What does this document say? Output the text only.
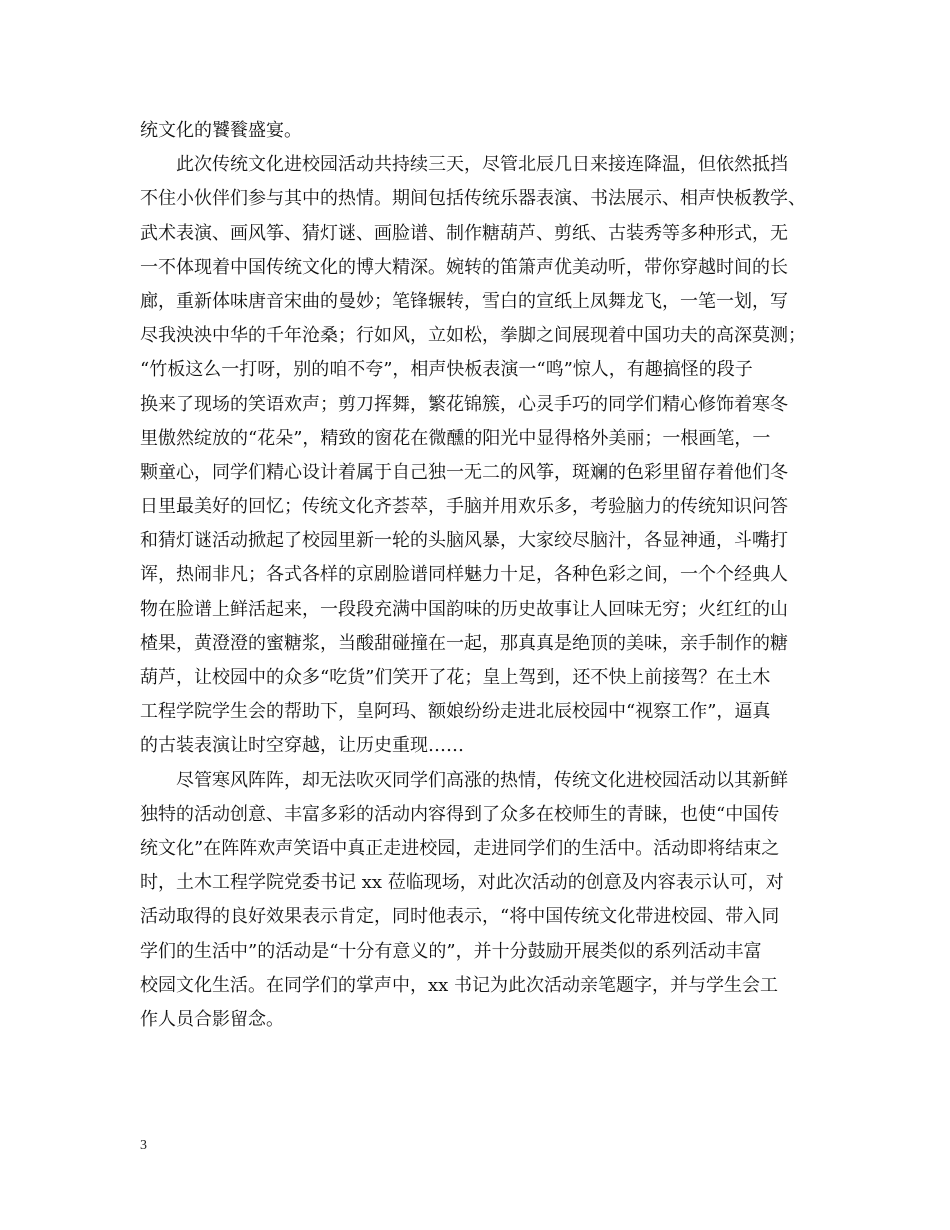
统文化的饕餮盛宴。
此次传统文化进校园活动共持续三天，尽管北辰几日来接连降温，但依然抵挡
不住小伙伴们参与其中的热情。期间包括传统乐器表演、书法展示、相声快板教学、
武术表演、画风筝、猜灯谜、画脸谱、制作糖葫芦、剪纸、古装秀等多种形式，无
一不体现着中国传统文化的博大精深。婉转的笛箫声优美动听，带你穿越时间的长
廊，重新体味唐音宋曲的曼妙；笔锋辗转，雪白的宣纸上凤舞龙飞，一笔一划，写
尽我泱泱中华的千年沧桑；行如风，立如松，拳脚之间展现着中国功夫的高深莫测；
“竹板这么一打呀，别的咱不夸”，相声快板表演一“鸣”惊人，有趣搞怪的段子
换来了现场的笑语欢声；剪刀挥舞，繁花锦簇，心灵手巧的同学们精心修饰着寒冬
里傲然绽放的“花朵”，精致的窗花在微醺的阳光中显得格外美丽；一根画笔，一
颗童心，同学们精心设计着属于自己独一无二的风筝，斑斓的色彩里留存着他们冬
日里最美好的回忆；传统文化齐荟萃，手脑并用欢乐多，考验脑力的传统知识问答
和猜灯谜活动掀起了校园里新一轮的头脑风暴，大家绞尽脑汁，各显神通，斗嘴打
诨，热闹非凡；各式各样的京剧脸谱同样魅力十足，各种色彩之间，一个个经典人
物在脸谱上鲜活起来，一段段充满中国韵味的历史故事让人回味无穷；火红红的山
楂果，黄澄澄的蜜糖浆，当酸甜碰撞在一起，那真真是绝顶的美味，亲手制作的糖
葫芦，让校园中的众多“吃货”们笑开了花；皇上驾到，还不快上前接驾？在土木
工程学院学生会的帮助下，皇阿玛、额娘纷纷走进北辰校园中“视察工作”，逼真
的古装表演让时空穿越，让历史重现……
尽管寒风阵阵，却无法吹灭同学们高涨的热情，传统文化进校园活动以其新鲜
独特的活动创意、丰富多彩的活动内容得到了众多在校师生的青睐，也使“中国传
统文化”在阵阵欢声笑语中真正走进校园，走进同学们的生活中。活动即将结束之
时，土木工程学院党委书记 xx 莅临现场，对此次活动的创意及内容表示认可，对
活动取得的良好效果表示肯定，同时他表示，“将中国传统文化带进校园、带入同
学们的生活中”的活动是“十分有意义的”，并十分鼓励开展类似的系列活动丰富
校园文化生活。在同学们的掌声中，xx 书记为此次活动亲笔题字，并与学生会工
作人员合影留念。
3
